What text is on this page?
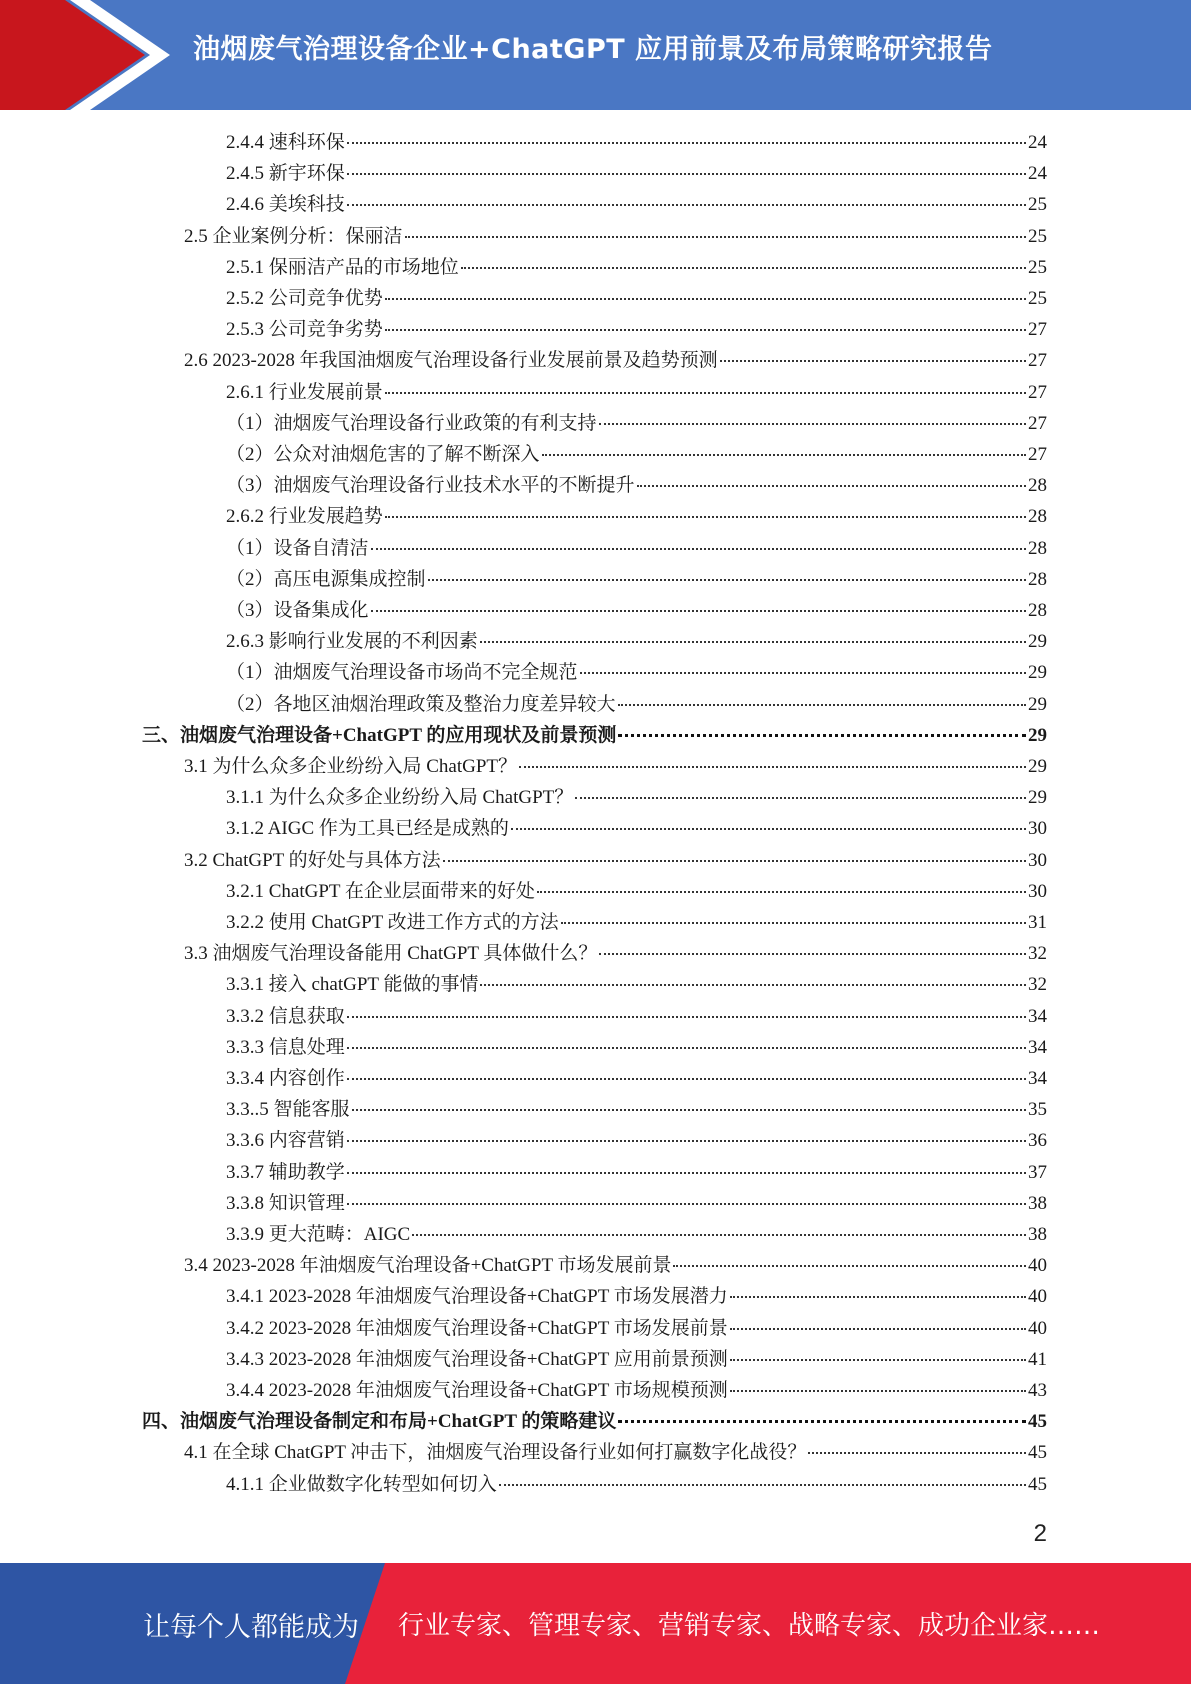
油烟废气治理设备企业+ChatGPT 应用前景及布局策略研究报告
2.4.4 速科环保	24
2.4.5 新宇环保	24
2.4.6 美埃科技	25
2.5 企业案例分析：保丽洁	25
2.5.1 保丽洁产品的市场地位	25
2.5.2 公司竞争优势	25
2.5.3 公司竞争劣势	27
2.6 2023-2028 年我国油烟废气治理设备行业发展前景及趋势预测	27
2.6.1 行业发展前景	27
（1）油烟废气治理设备行业政策的有利支持	27
（2）公众对油烟危害的了解不断深入	27
（3）油烟废气治理设备行业技术水平的不断提升	28
2.6.2 行业发展趋势	28
（1）设备自清洁	28
（2）高压电源集成控制	28
（3）设备集成化	28
2.6.3 影响行业发展的不利因素	29
（1）油烟废气治理设备市场尚不完全规范	29
（2）各地区油烟治理政策及整治力度差异较大	29
三、油烟废气治理设备+ChatGPT 的应用现状及前景预测	29
3.1 为什么众多企业纷纷入局 ChatGPT？	29
3.1.1 为什么众多企业纷纷入局 ChatGPT？	29
3.1.2 AIGC 作为工具已经是成熟的	30
3.2 ChatGPT 的好处与具体方法	30
3.2.1 ChatGPT 在企业层面带来的好处	30
3.2.2 使用 ChatGPT 改进工作方式的方法	31
3.3 油烟废气治理设备能用 ChatGPT 具体做什么？	32
3.3.1 接入 chatGPT 能做的事情	32
3.3.2 信息获取	34
3.3.3 信息处理	34
3.3.4 内容创作	34
3.3..5 智能客服	35
3.3.6 内容营销	36
3.3.7 辅助教学	37
3.3.8 知识管理	38
3.3.9 更大范畴：AIGC	38
3.4 2023-2028 年油烟废气治理设备+ChatGPT 市场发展前景	40
3.4.1 2023-2028 年油烟废气治理设备+ChatGPT 市场发展潜力	40
3.4.2 2023-2028 年油烟废气治理设备+ChatGPT 市场发展前景	40
3.4.3 2023-2028 年油烟废气治理设备+ChatGPT 应用前景预测	41
3.4.4 2023-2028 年油烟废气治理设备+ChatGPT 市场规模预测	43
四、油烟废气治理设备制定和布局+ChatGPT 的策略建议	45
4.1 在全球 ChatGPT 冲击下，油烟废气治理设备行业如何打赢数字化战役？	45
4.1.1 企业做数字化转型如何切入	45
2
让每个人都能成为 行业专家、管理专家、营销专家、战略专家、成功企业家……
